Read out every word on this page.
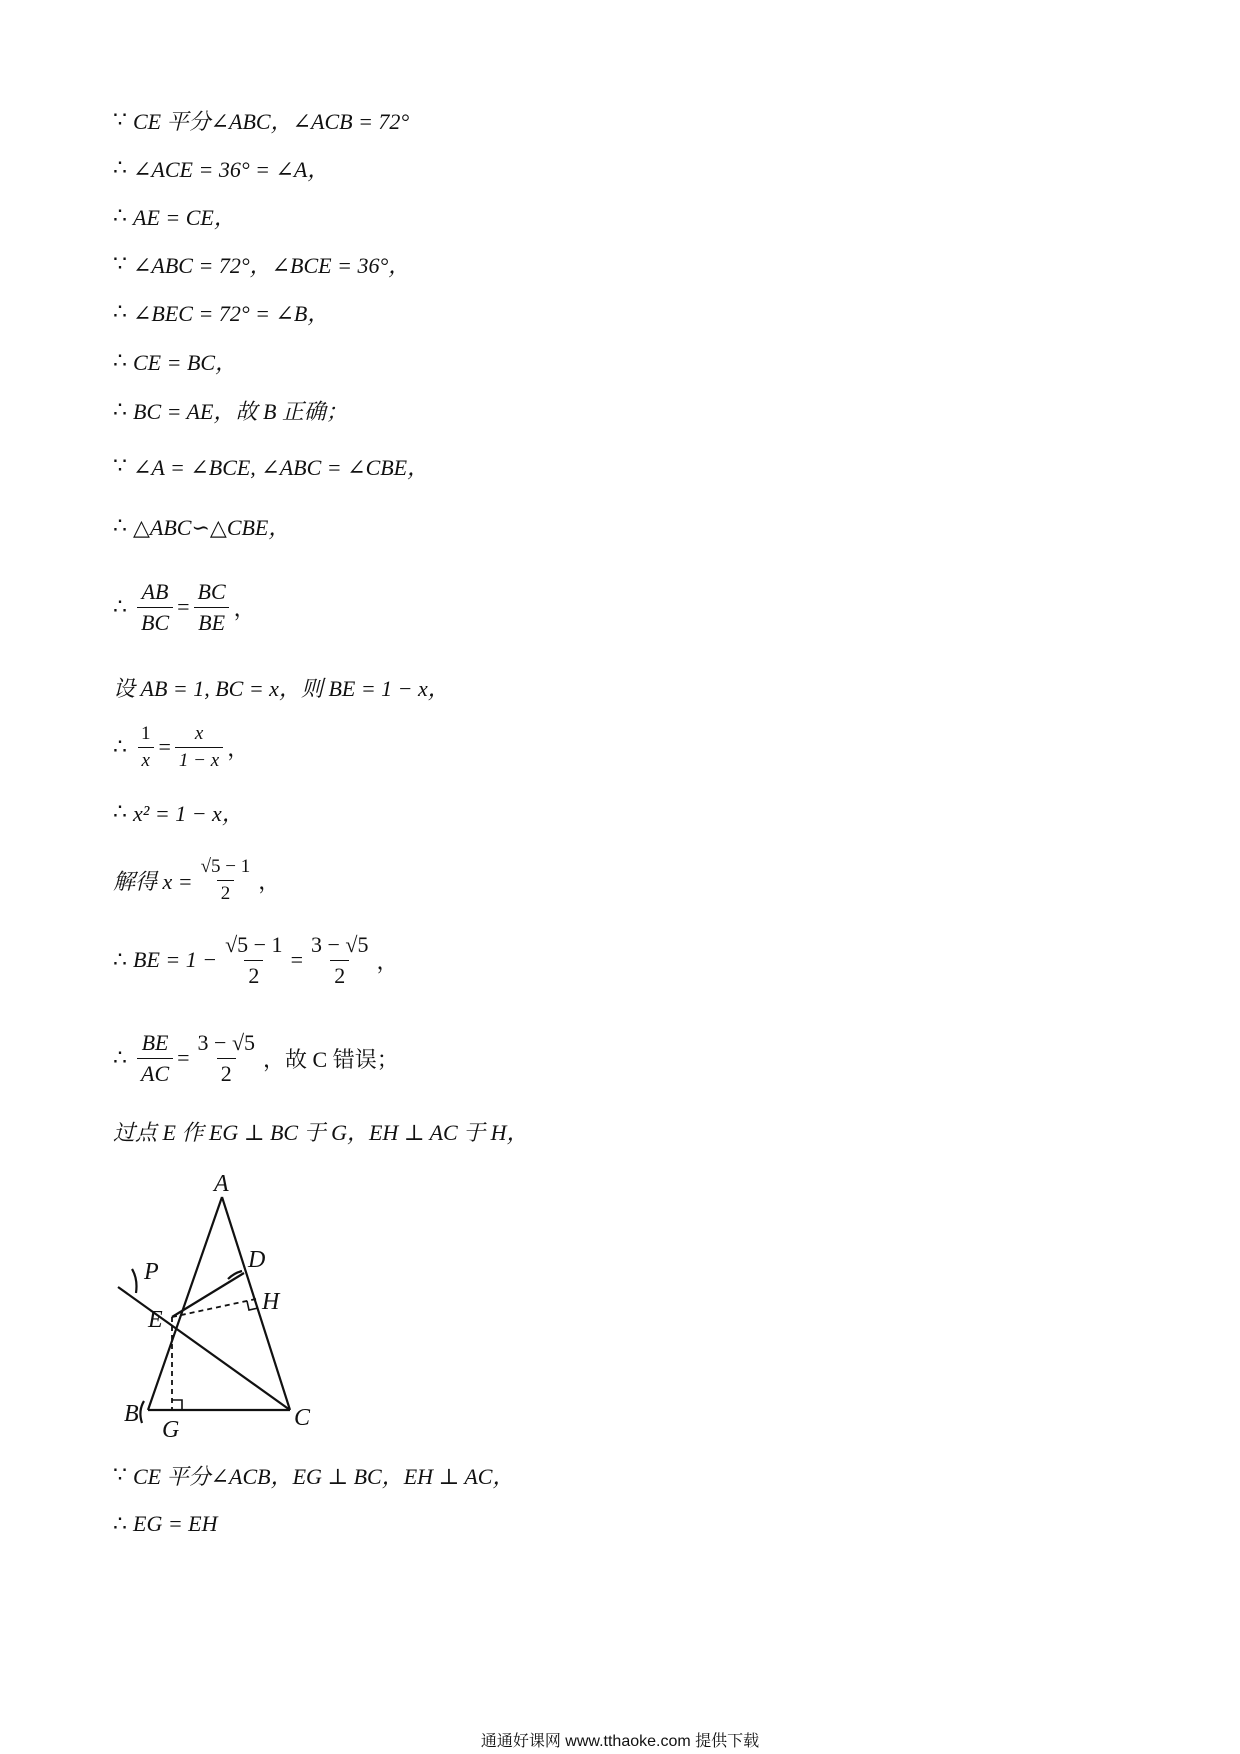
∵ CE 平分∠ABC，∠ACB = 72°
∴ ∠ACE = 36° = ∠A，
∴ AE = CE，
∵ ∠ABC = 72°，∠BCE = 36°，
∴ ∠BEC = 72° = ∠B，
∴ CE = BC，
∴ BC = AE，故 B 正确；
∵ ∠A = ∠BCE, ∠ABC = ∠CBE，
∴ △ABC∽△CBE，
∴ $\frac{AB}{BC} = \frac{BC}{BE}$ ，
设 AB = 1, BC = x，则 BE = 1 − x，
∴ $\frac{1}{x} = \frac{x}{1 - x}$ ，
∴ x² = 1 − x，
解得 $x = \frac{√5 - 1}{2}$ ，
∴ BE = $1 - \frac{√5 - 1}{2} = \frac{3 - √5}{2}$ ，
∴ $\frac{BE}{AC} = \frac{3 - √5}{2}$ ，故 C 错误；
过点 E 作 EG ⊥ BC 于 G，EH ⊥ AC 于 H，
A
B	C
D
E
G
H
P
∵ CE 平分∠ACB，EG ⊥ BC，EH ⊥ AC，
∴ EG = EH
通通好课网 www.tthaoke.com 提供下载
